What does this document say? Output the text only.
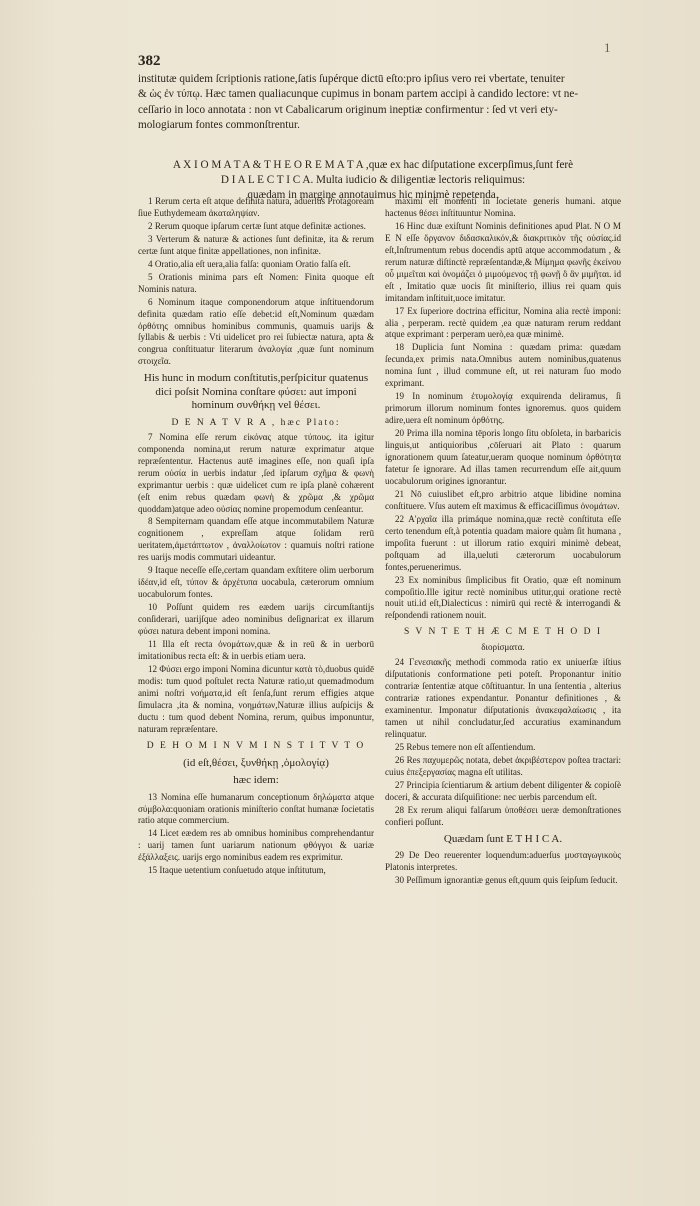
382
1

institutæ quidem ſcriptionis ratione,ſatis ſupérque dictū eſto:pro ipſius vero rei vbertate, tenuiter

& ὡς ἐν τύπῳ. Hæc tamen qualiacunque cupimus in bonam partem accipi à candido lectore: vt ne-

ceſſario in loco annotata : non vt Cabalicarum originum ineptiæ confirmentur : ſed vt veri ety-

mologiarum fontes commonſtrentur.

A X I O M A T A & T H E O R E M A T A ,quæ ex hac diſputatione excerpſimus,ſunt ferè

D I A L E C T I C A. Multa iudicio & diligentiæ lectoris reliquimus:

quædam in margine annotauimus hic minimè repetenda.

1 Rerum certa eſt atque definita natura, aduerſus Protagoream ſiue Euthydemeam ἀκαταληψίαν.

2 Rerum quoque ipſarum certæ ſunt atque definitæ actiones.

3 Verterum & naturæ & actiones ſunt definitæ, ita & rerum certæ ſunt atque finitæ appellationes, non infinitæ.

4 Oratio,alia eſt uera,alia falſa: quoniam Oratio falſa eſt.

5 Orationis minima pars eſt Nomen: Finita quoque eſt Nominis natura.

6 Nominum itaque componendorum atque inſtituendorum definita quædam ratio eſſe debet:id eſt,Nominum quædam ὀρθότης omnibus hominibus communis, quamuis uarijs & ſyllabis & uerbis : Vti uidelicet pro rei ſubiectæ natura, apta & congrua conſtituatur literarum ἀναλογία ,quæ ſunt nominum στοιχεῖα.

His hunc in modum conſtitutis,perſpicitur quatenus dici poſsit Nomina conſtare φύσει: aut imponi hominum συνθήκῃ vel θέσει.

D E N A T V R A , hæc Plato:

7 Nomina eſſe rerum εἰκόνας atque τύπους. ita igitur componenda nomina,ut rerum naturæ exprimatur atque repræſententur. Hactenus autē imagines eſſe, non quaſi ipſa rerum οὐσία in uerbis indatur ,ſed ipſarum σχῆμα & φωνὴ exprimantur uerbis : quæ uidelicet cum re ipſa planè cohærent (eſt enim rebus quædam φωνὴ & χρῶμα ,& χρῶμα quoddam)atque adeo οὐσίας nomine propemodum cenſeantur.

8 Sempiternam quandam eſſe atque incommutabilem Naturæ cognitionem , expreſſam atque ſolidam rerū ueritatem,ἀμετάπτωτον , ἀναλλοίωτον : quamuis noſtri ratione res uarijs modis commutari uideantur.

9 Itaque neceſſe eſſe,certam quandam exſtitere olim uerborum ἰδέαν,id eſt, τύπον & ἀρχέτυπα uocabula, cæterorum omnium uocabulorum fontes.

10 Poſſunt quidem res eædem uarijs circumſtantijs conſiderari, uarijſque adeo nominibus deſignari:at ex illarum φύσει natura debent imponi nomina.

11 Illa eſt recta ὀνομάτων,quæ & in reū & in uerborū imitationibus recta eſt: & in uerbis etiam uera.

12 Φύσει ergo imponi Nomina dicuntur κατὰ τὸ,duobus quidē modis: tum quod poſtulet recta Naturæ ratio,ut quemadmodum animi noſtri νοήματα,id eſt ſenſa,ſunt rerum effigies atque ſimulacra ,ita & nomina, νοημάτων,Naturæ illius auſpicijs & ductu : tum quod debent Nomina, rerum, quibus imponuntur, naturam repræſentare.

D E H O M I N V M I N S T I T V T O

(id eſt,θέσει, ξυνθήκῃ ,ὁμολογίᾳ)

hæc idem:

13 Nomina eſſe humanarum conceptionum δηλώματα atque σύμβολα:quoniam orationis miniſterio conſtat humanæ ſocietatis ratio atque commercium.

14 Licet eædem res ab omnibus hominibus comprehendantur : uarij tamen ſunt uariarum nationum φθόγγοι & uariæ ἐξάλλαξεις. uarijs ergo nominibus eadem res exprimitur.

15 Itaque uetentium conſuetudo atque inſtitutum,

maximi eſt momenti in ſocietate generis humani. atque hactenus θέσει inſtituuntur Nomina.

16 Hinc duæ exiſtunt Nominis definitiones apud Plat. N O M E N eſſe ὄργανον διδασκαλικόν,& διακριτικὸν τῆς οὐσίας.id eſt,Inſtrumentum rebus docendis aptū atque accommodatum , & rerum naturæ diſtinctè repræſentandæ,& Μίμημα φωνῆς ἐκείνου οὗ μιμεῖται καὶ ὀνομάζει ὁ μιμούμενος τῇ φωνῇ ὃ ἂν μιμῆται. id eſt , Imitatio quæ uocis ſit miniſterio, illius rei quam quis imitandam inſtituit,uoce imitatur.

17 Ex ſuperiore doctrina efficitur, Nomina alia rectè imponi: alia , perperam. rectè quidem ,ea quæ naturam rerum reddant atque exprimant : perperam uerò,ea quæ minimè.

18 Duplicia ſunt Nomina : quædam prima: quædam ſecunda,ex primis nata.Omnibus autem nominibus,quatenus nomina ſunt , illud commune eſt, ut rei naturam ſuo modo exprimant.

19 In nominum ἐτυμολογίᾳ exquirenda deliramus, ſi primorum illorum nominum fontes ignoremus. quos quidem adire,uera eſt nominum ὀρθότης.

20 Prima illa nomina tēporis longo ſitu obſoleta, in barbaricis linguis,ut antiquioribus ,cōſeruari ait Plato : quarum ignorationem quum ſateatur,ueram quoque nominum ὀρθότητα fatetur ſe ignorare. Ad illas tamen recurrendum eſſe ait,quum uocabulorum origines ignorantur.

21 Nō cuiuslibet eſt,pro arbitrio atque libidine nomina conſtituere. Vſus autem eſt maximus & efficaciſſimus ὀνομάτων.

22 Α'ρχαῖα illa primáque nomina,quæ rectè conſtituta eſſe certo tenendum eſt,à potentia quadam maiore quàm ſit humana , impoſita fuerunt : ut illorum ratio exquiri minimè debeat, poſtquam ad illa,ueluti cæterorum uocabulorum fontes,peruenerimus.

23 Ex nominibus ſimplicibus fit Oratio, quæ eſt nominum compoſitio.Ille igitur rectè nominibus utitur,qui oratione rectè nouit uti.id eſt,Dialecticus : nimirū qui rectè & interrogandi & reſpondendi rationem nouit.

S V N T E T H Æ C M E T H O D I

διορίσματα.

24 Γενεσιακῆς methodi commoda ratio ex uniuerſæ iſtius diſputationis conformatione peti poteſt. Proponantur initio contrariæ ſententiæ atque cōſtituantur. In una ſententia , alterius contrariæ rationes expendantur. Ponantur definitiones , & examinentur. Imponatur diſputationis ἀνακεφαλαίωσις , ita tamen ut nihil concludatur,ſed accuratius examinandum relinquatur.

25 Rebus temere non eſt aſſentiendum.

26 Res παχυμερῶς notata, debet ἀκριβέστερον poſtea tractari: cuius ἐπεξεργασίας magna eſt utilitas.

27 Principia ſcientiarum & artium debent diligenter & copioſè doceri, & accurata diſquiſitione: nec uerbis parcendum eſt.

28 Ex rerum aliqui falſarum ὑποθέσει ueræ demonſtrationes confieri poſſunt.

Quædam ſunt E T H I C A.

29 De Deo reuerenter loquendum:aduerſus μυσταγωγικοὺς Platonis interpretes.

30 Peſſimum ignorantiæ genus eſt,quum quis ſeipſum ſeducit.
